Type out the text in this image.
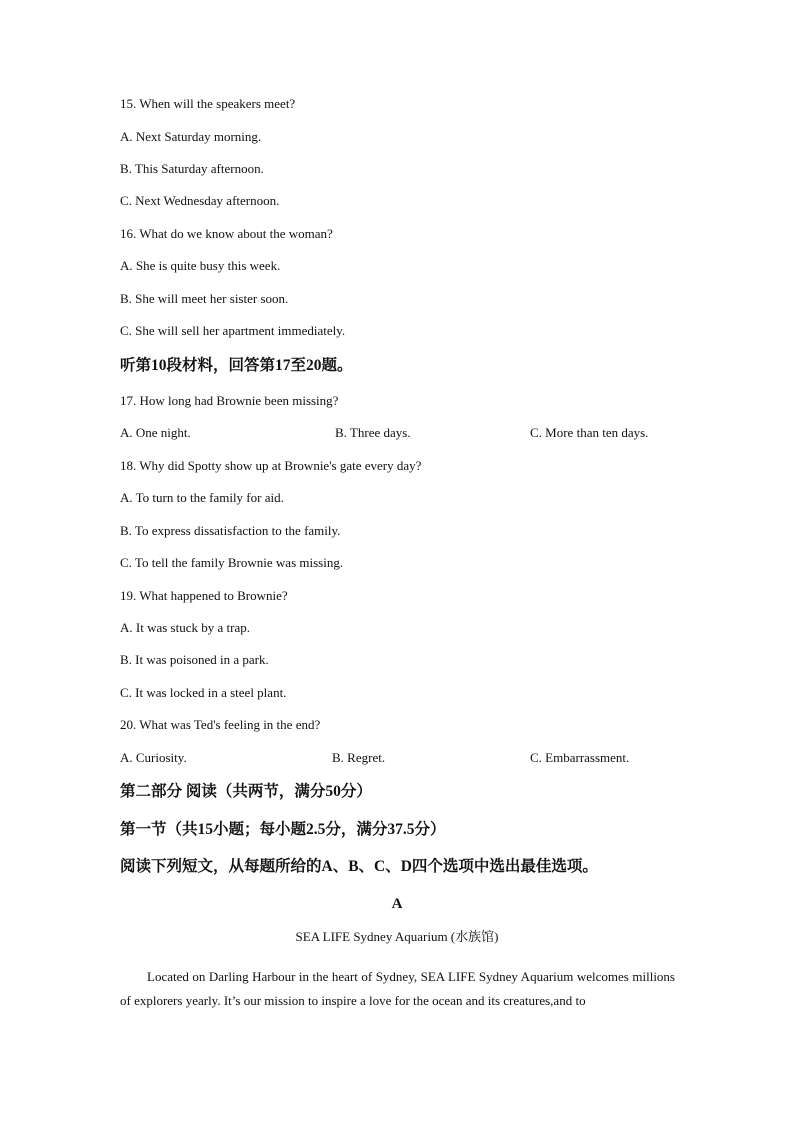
15. When will the speakers meet?
A. Next Saturday morning.
B. This Saturday afternoon.
C. Next Wednesday afternoon.
16. What do we know about the woman?
A. She is quite busy this week.
B. She will meet her sister soon.
C. She will sell her apartment immediately.
听第10段材料，回答第17至20题。
17. How long had Brownie been missing?
A. One night.	B. Three days.	C. More than ten days.
18. Why did Spotty show up at Brownie's gate every day?
A. To turn to the family for aid.
B. To express dissatisfaction to the family.
C. To tell the family Brownie was missing.
19. What happened to Brownie?
A. It was stuck by a trap.
B. It was poisoned in a park.
C. It was locked in a steel plant.
20. What was Ted's feeling in the end?
A. Curiosity.	B. Regret.	C. Embarrassment.
第二部分 阅读（共两节，满分50分）
第一节（共15小题；每小题2.5分，满分37.5分）
阅读下列短文，从每题所给的A、B、C、D四个选项中选出最佳选项。
A
SEA LIFE Sydney Aquarium (水族馆)

Located on Darling Harbour in the heart of Sydney, SEA LIFE Sydney Aquarium welcomes millions of explorers yearly. It’s our mission to inspire a love for the ocean and its creatures,and to
